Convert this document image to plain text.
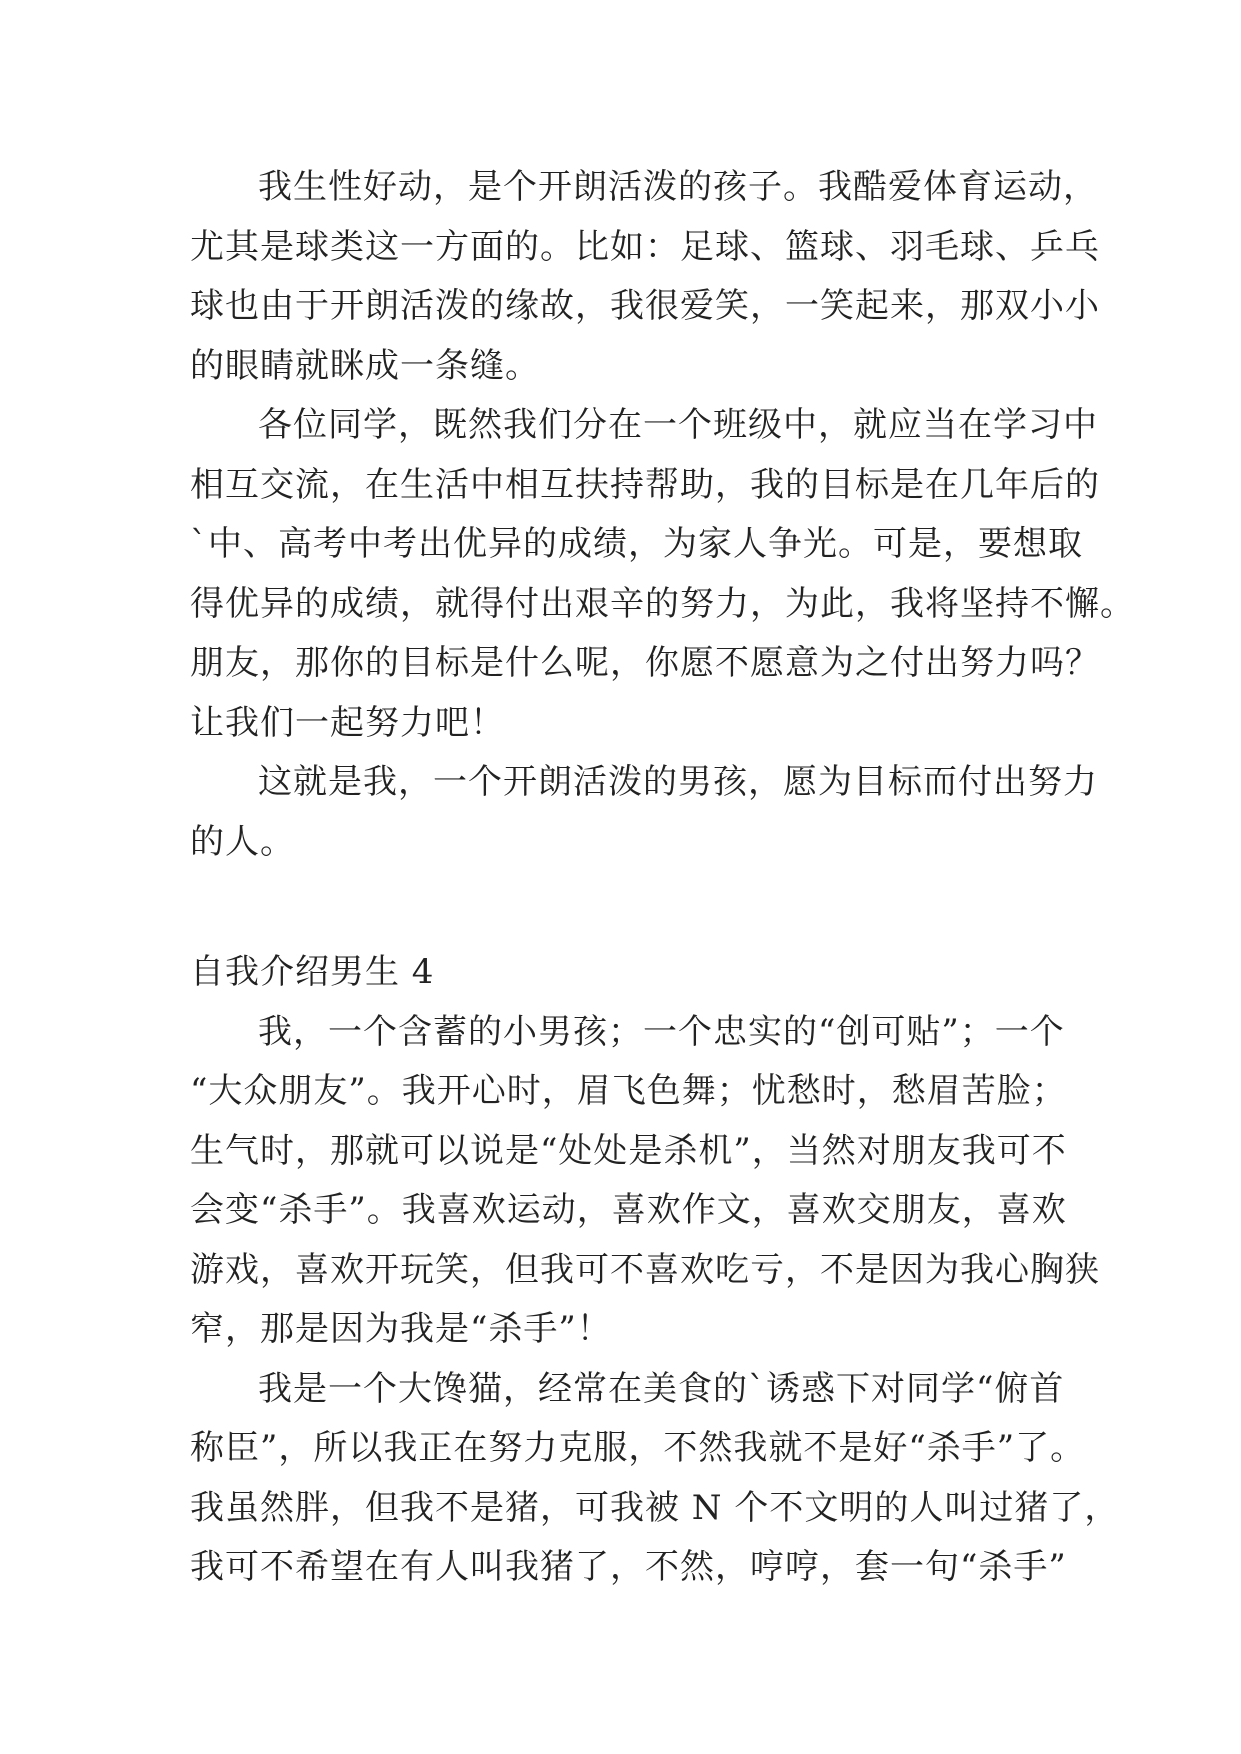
我生性好动，是个开朗活泼的孩子。我酷爱体育运动，

尤其是球类这一方面的。比如：足球、篮球、羽毛球、乒乓
球也由于开朗活泼的缘故，我很爱笑，一笑起来，那双小小
的眼睛就眯成一条缝。

各位同学，既然我们分在一个班级中，就应当在学习中

相互交流，在生活中相互扶持帮助，我的目标是在几年后的
`中、高考中考出优异的成绩，为家人争光。可是，要想取
得优异的成绩，就得付出艰辛的努力，为此，我将坚持不懈。
朋友，那你的目标是什么呢，你愿不愿意为之付出努力吗？
让我们一起努力吧！

这就是我，一个开朗活泼的男孩，愿为目标而付出努力

的人。

自我介绍男生 4

我，一个含蓄的小男孩；一个忠实的“创可贴”；一个

“大众朋友”。我开心时，眉飞色舞；忧愁时，愁眉苦脸；
生气时，那就可以说是“处处是杀机”，当然对朋友我可不
会变“杀手”。我喜欢运动，喜欢作文，喜欢交朋友，喜欢
游戏，喜欢开玩笑，但我可不喜欢吃亏，不是因为我心胸狭
窄，那是因为我是“杀手”！

我是一个大馋猫，经常在美食的`诱惑下对同学“俯首

称臣”，所以我正在努力克服，不然我就不是好“杀手”了。
我虽然胖，但我不是猪，可我被 N 个不文明的人叫过猪了，
我可不希望在有人叫我猪了，不然，哼哼，套一句“杀手”
